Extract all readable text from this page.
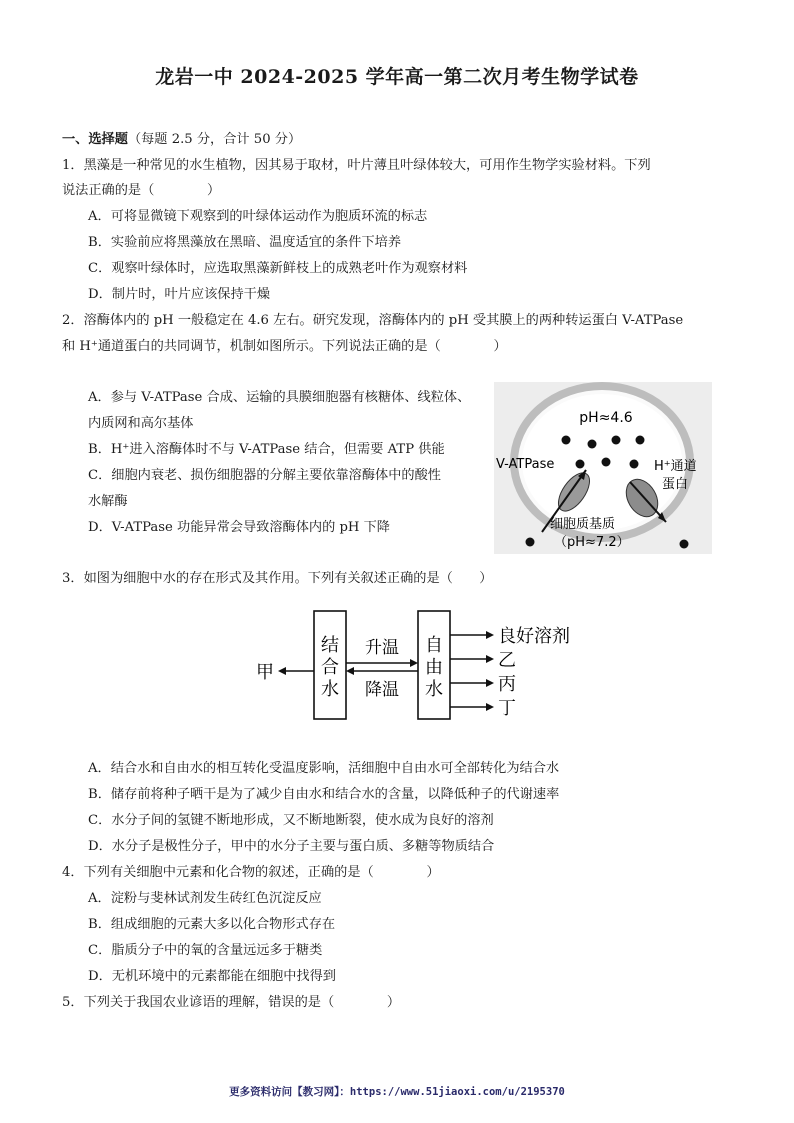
龙岩一中 2024-2025 学年高一第二次月考生物学试卷
一、选择题（每题 2.5 分，合计 50 分）
1．黑藻是一种常见的水生植物，因其易于取材，叶片薄且叶绿体较大，可用作生物学实验材料。下列
说法正确的是（　　　　）
A．可将显微镜下观察到的叶绿体运动作为胞质环流的标志
B．实验前应将黑藻放在黑暗、温度适宜的条件下培养
C．观察叶绿体时，应选取黑藻新鲜枝上的成熟老叶作为观察材料
D．制片时，叶片应该保持干燥
2．溶酶体内的 pH 一般稳定在 4.6 左右。研究发现，溶酶体内的 pH 受其膜上的两种转运蛋白 V-ATPase
和 H⁺通道蛋白的共同调节，机制如图所示。下列说法正确的是（　　　　）
A．参与 V-ATPase 合成、运输的具膜细胞器有核糖体、线粒体、
内质网和高尔基体
B．H⁺进入溶酶体时不与 V-ATPase 结合，但需要 ATP 供能
C．细胞内衰老、损伤细胞器的分解主要依靠溶酶体中的酸性
水解酶
D．V-ATPase 功能异常会导致溶酶体内的 pH 下降
pH≈4.6
V-ATPase	H⁺通道
蛋白
细胞质基质
（pH≈7.2）
3．如图为细胞中水的存在形式及其作用。下列有关叙述正确的是（　　）
结
合
水
自
由
水
升温
降温
甲
良好溶剂
乙
丙
丁
A．结合水和自由水的相互转化受温度影响，活细胞中自由水可全部转化为结合水
B．储存前将种子晒干是为了减少自由水和结合水的含量，以降低种子的代谢速率
C．水分子间的氢键不断地形成，又不断地断裂，使水成为良好的溶剂
D．水分子是极性分子，甲中的水分子主要与蛋白质、多糖等物质结合
4．下列有关细胞中元素和化合物的叙述，正确的是（　　　　）
A．淀粉与斐林试剂发生砖红色沉淀反应
B．组成细胞的元素大多以化合物形式存在
C．脂质分子中的氧的含量远远多于糖类
D．无机环境中的元素都能在细胞中找得到
5．下列关于我国农业谚语的理解，错误的是（　　　　）
更多资料访问【教习网】：https://www.51jiaoxi.com/u/2195370
